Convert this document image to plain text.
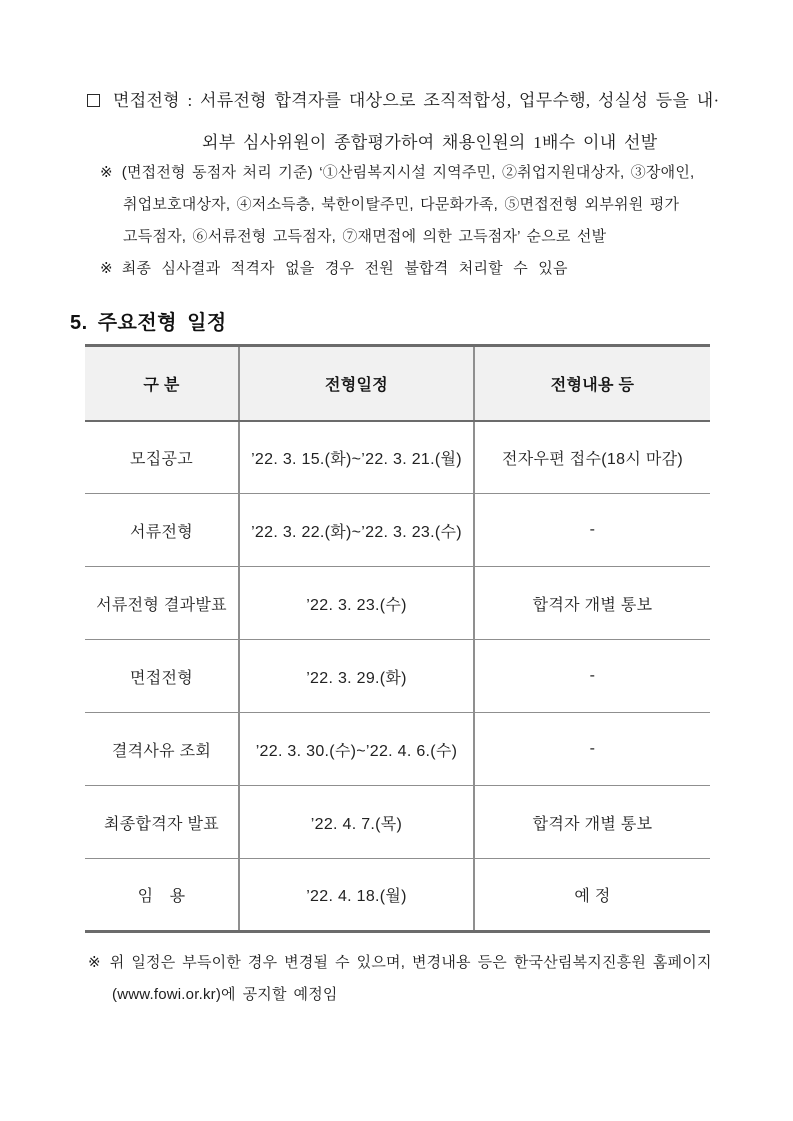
면접전형 : 서류전형 합격자를 대상으로 조직적합성, 업무수행, 성실성 등을 내·
외부 심사위원이 종합평가하여 채용인원의 1배수 이내 선발
※ (면접전형 동점자 처리 기준) ‘①산림복지시설 지역주민, ②취업지원대상자, ③장애인,
취업보호대상자, ④저소득층, 북한이탈주민, 다문화가족, ⑤면접전형 외부위원 평가
고득점자, ⑥서류전형 고득점자, ⑦재면접에 의한 고득점자’ 순으로 선발
※ 최종 심사결과 적격자 없을 경우 전원 불합격 처리할 수 있음
5. 주요전형 일정
구 분	전형일정	전형내용 등
모집공고	’22. 3. 15.(화)~’22. 3. 21.(월)	전자우편 접수(18시 마감)
서류전형	’22. 3. 22.(화)~’22. 3. 23.(수)	-
서류전형 결과발표	’22. 3. 23.(수)	합격자 개별 통보
면접전형	’22. 3. 29.(화)	-
결격사유 조회	’22. 3. 30.(수)~’22. 4. 6.(수)	-
최종합격자 발표	’22. 4. 7.(목)	합격자 개별 통보
임　용	’22. 4. 18.(월)	예 정
※ 위 일정은 부득이한 경우 변경될 수 있으며, 변경내용 등은 한국산림복지진흥원 홈페이지
(www.fowi.or.kr)에 공지할 예정임
